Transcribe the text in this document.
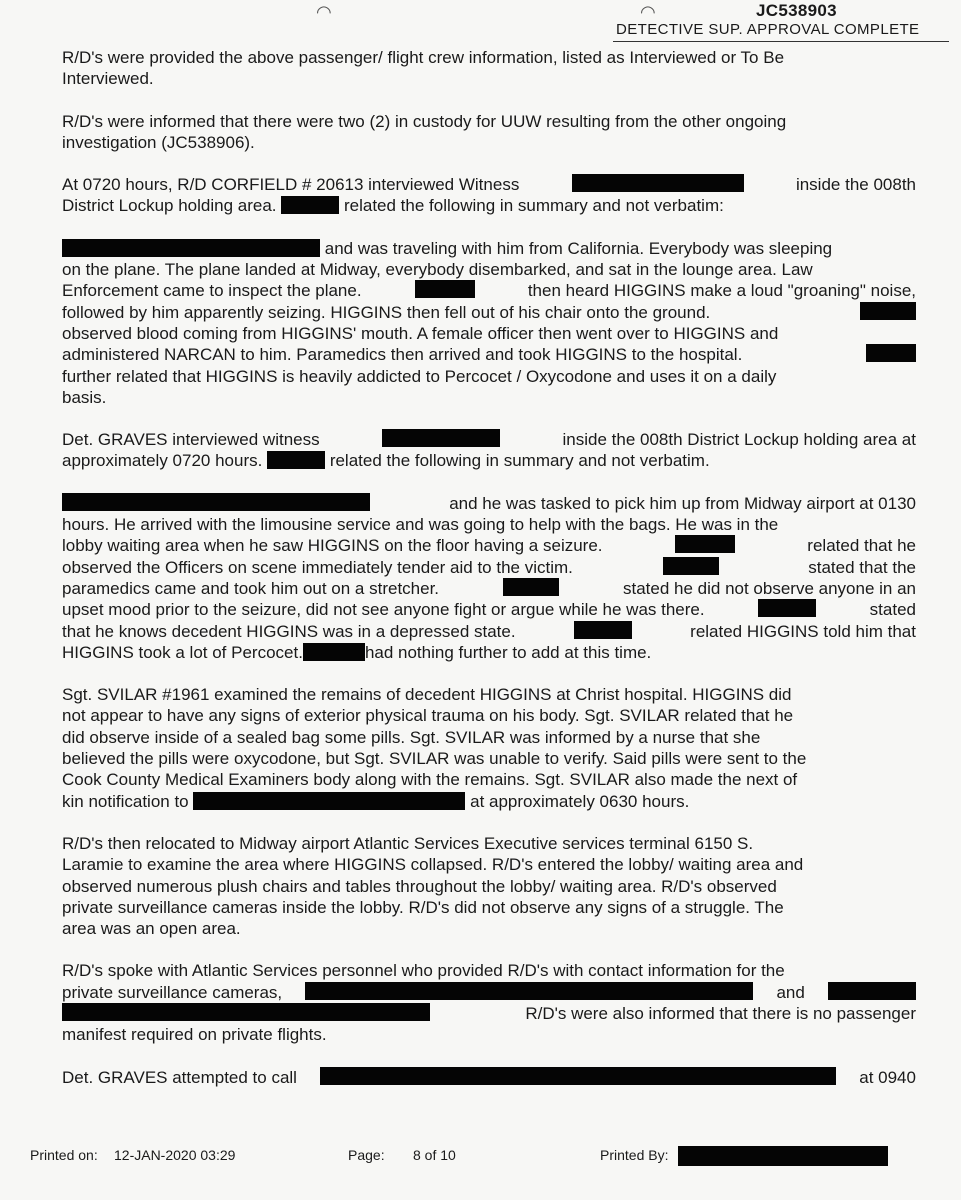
◠	◠	JC538903
DETECTIVE SUP. APPROVAL COMPLETE
R/D's were provided the above passenger/ flight crew information, listed as Interviewed or To Be
Interviewed.
R/D's were informed that there were two (2) in custody for UUW resulting from the other ongoing
investigation (JC538906).
At 0720 hours, R/D CORFIELD # 20613 interviewed Witness	inside the 008th
District Lockup holding area.	related the following in summary and not verbatim:
and was traveling with him from California. Everybody was sleeping
on the plane. The plane landed at Midway, everybody disembarked, and sat in the lounge area. Law
Enforcement came to inspect the plane.	then heard HIGGINS make a loud "groaning" noise,
followed by him apparently seizing. HIGGINS then fell out of his chair onto the ground.
observed blood coming from HIGGINS' mouth. A female officer then went over to HIGGINS and
administered NARCAN to him. Paramedics then arrived and took HIGGINS to the hospital.
further related that HIGGINS is heavily addicted to Percocet / Oxycodone and uses it on a daily
basis.
Det. GRAVES interviewed witness	inside the 008th District Lockup holding area at
approximately 0720 hours.	related the following in summary and not verbatim.
and he was tasked to pick him up from Midway airport at 0130
hours. He arrived with the limousine service and was going to help with the bags. He was in the
lobby waiting area when he saw HIGGINS on the floor having a seizure.	related that he
observed the Officers on scene immediately tender aid to the victim.	stated that the
paramedics came and took him out on a stretcher.	stated he did not observe anyone in an
upset mood prior to the seizure, did not see anyone fight or argue while he was there.	stated
that he knows decedent HIGGINS was in a depressed state.	related HIGGINS told him that
HIGGINS took a lot of Percocet.	had nothing further to add at this time.
Sgt. SVILAR #1961 examined the remains of decedent HIGGINS at Christ hospital. HIGGINS did
not appear to have any signs of exterior physical trauma on his body. Sgt. SVILAR related that he
did observe inside of a sealed bag some pills. Sgt. SVILAR was informed by a nurse that she
believed the pills were oxycodone, but Sgt. SVILAR was unable to verify. Said pills were sent to the
Cook County Medical Examiners body along with the remains. Sgt. SVILAR also made the next of
kin notification to	at approximately 0630 hours.
R/D's then relocated to Midway airport Atlantic Services Executive services terminal 6150 S.
Laramie to examine the area where HIGGINS collapsed. R/D's entered the lobby/ waiting area and
observed numerous plush chairs and tables throughout the lobby/ waiting area. R/D's observed
private surveillance cameras inside the lobby. R/D's did not observe any signs of a struggle. The
area was an open area.
R/D's spoke with Atlantic Services personnel who provided R/D's with contact information for the
private surveillance cameras,	and
R/D's were also informed that there is no passenger
manifest required on private flights.
Det. GRAVES attempted to call	at 0940
Printed on: 12-JAN-2020 03:29	Page: 8 of 10	Printed By:
